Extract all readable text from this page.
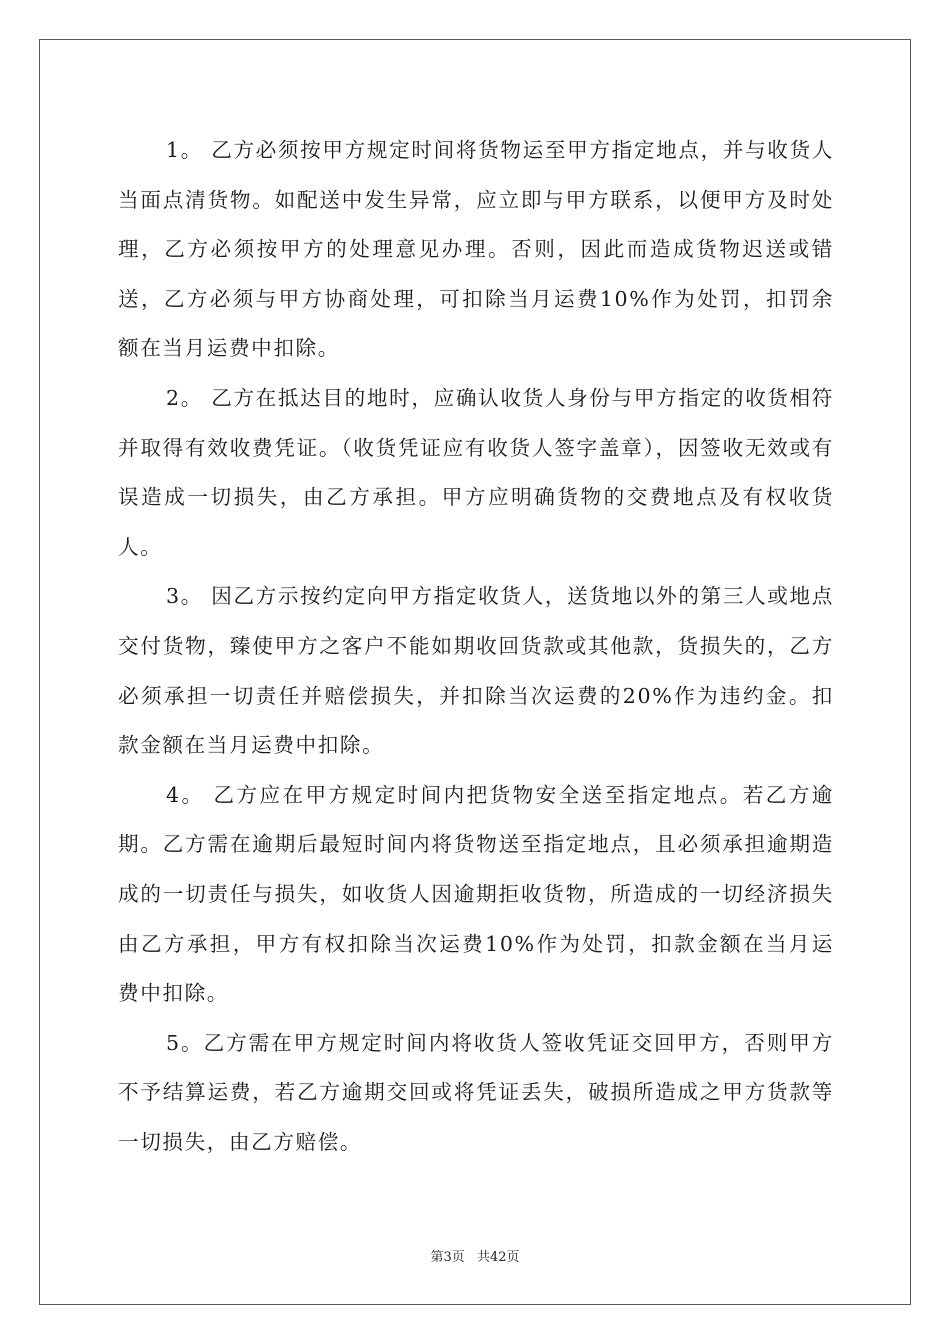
1。 乙方必须按甲方规定时间将货物运至甲方指定地点，并与收货人当面点清货物。如配送中发生异常，应立即与甲方联系，以便甲方及时处理，乙方必须按甲方的处理意见办理。否则，因此而造成货物迟送或错送，乙方必须与甲方协商处理，可扣除当月运费10%作为处罚，扣罚余额在当月运费中扣除。

2。 乙方在抵达目的地时，应确认收货人身份与甲方指定的收货相符并取得有效收费凭证。（收货凭证应有收货人签字盖章），因签收无效或有误造成一切损失，由乙方承担。甲方应明确货物的交费地点及有权收货人。

3。 因乙方示按约定向甲方指定收货人，送货地以外的第三人或地点交付货物，臻使甲方之客户不能如期收回货款或其他款，货损失的，乙方必须承担一切责任并赔偿损失，并扣除当次运费的20%作为违约金。扣款金额在当月运费中扣除。

4。 乙方应在甲方规定时间内把货物安全送至指定地点。若乙方逾期。乙方需在逾期后最短时间内将货物送至指定地点，且必须承担逾期造成的一切责任与损失，如收货人因逾期拒收货物，所造成的一切经济损失由乙方承担，甲方有权扣除当次运费10%作为处罚，扣款金额在当月运费中扣除。

5。乙方需在甲方规定时间内将收货人签收凭证交回甲方，否则甲方不予结算运费，若乙方逾期交回或将凭证丢失，破损所造成之甲方货款等一切损失，由乙方赔偿。

第3页 共42页
